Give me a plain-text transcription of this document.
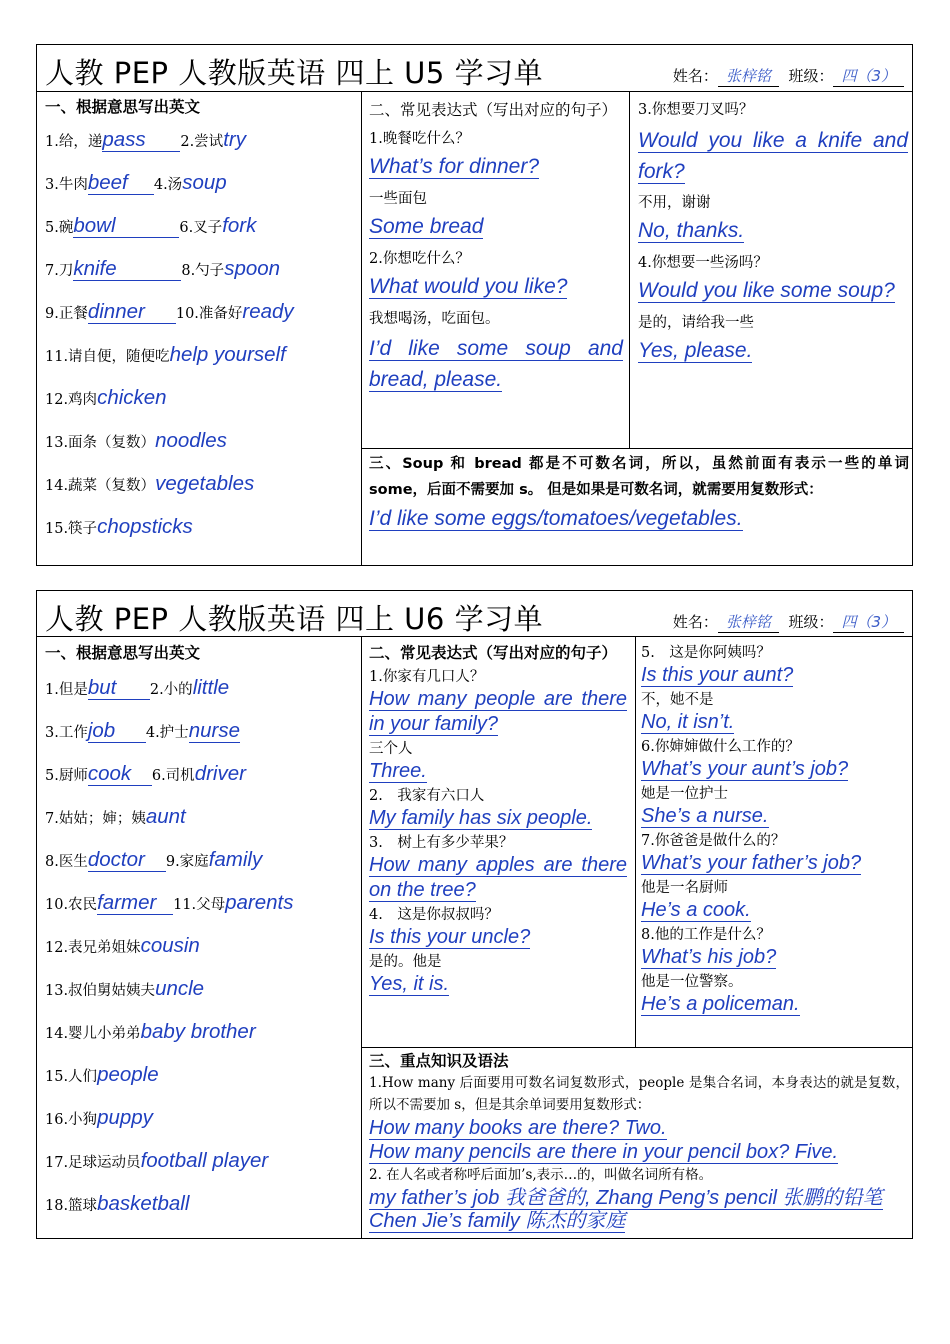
人教 PEP 人教版英语 四上 U5 学习单	姓名： 张梓铭 班级： 四（3）
一、根据意思写出英文
1.给，递pass 2.尝试try
3.牛肉beef 4.汤soup
5.碗bowl	6.叉子fork
7.刀knife	8.勺子spoon
9.正餐dinner 10.准备好ready
11.请自便，随便吃help yourself
12.鸡肉chicken
13.面条（复数）noodles
14.蔬菜（复数）vegetables
15.筷子chopsticks
二、常见表达式（写出对应的句子）
1.晚餐吃什么？
What’s for dinner?
一些面包
Some bread
2.你想吃什么？
What would you like?
我想喝汤，吃面包。
I’d like some soup and bread, please.
3.你想要刀叉吗？
Would you like a knife and fork?
不用，谢谢
No, thanks.
4.你想要一些汤吗？
Would you like some soup?
是的，请给我一些
Yes, please.
三、Soup 和 bread 都是不可数名词，所以，虽然前面有表示一些的单词 some，后面不需要加 s。 但是如果是可数名词，就需要用复数形式：
I’d like some eggs/tomatoes/vegetables.
人教 PEP 人教版英语 四上 U6 学习单	姓名： 张梓铭 班级： 四（3）
一、根据意思写出英文
1.但是but 2.小的little
3.工作job 4.护士nurse
5.厨师cook 6.司机driver
7.姑姑；婶；姨aunt
8.医生doctor 9.家庭family
10.农民farmer 11.父母parents
12.表兄弟姐妹cousin
13.叔伯舅姑姨夫uncle
14.婴儿小弟弟baby brother
15.人们people
16.小狗puppy
17.足球运动员football player
18.篮球basketball
二、常见表达式（写出对应的句子）
1.你家有几口人？
How many people are there in your family?
三个人
Three.
2.　我家有六口人
My family has six people.
3.　树上有多少苹果？
How many apples are there on the tree?
4.　这是你叔叔吗？
Is this your uncle?
是的。他是
Yes, it is.
5.　这是你阿姨吗？
Is this your aunt?
不，她不是
No, it isn’t.
6.你婶婶做什么工作的？
What’s your aunt’s job?
她是一位护士
She’s a nurse.
7.你爸爸是做什么的？
What’s your father’s job?
他是一名厨师
He’s a cook.
8.他的工作是什么？
What’s his job?
他是一位警察。
He’s a policeman.
三、重点知识及语法
1.How many 后面要用可数名词复数形式，people 是集合名词，本身表达的就是复数，所以不需要加 s，但是其余单词要用复数形式：
How many books are there? Two.
How many pencils are there in your pencil box? Five.
2. 在人名或者称呼后面加’s,表示…的，叫做名词所有格。
my father’s job 我爸爸的, Zhang Peng’s pencil 张鹏的铅笔
Chen Jie’s family 陈杰的家庭
